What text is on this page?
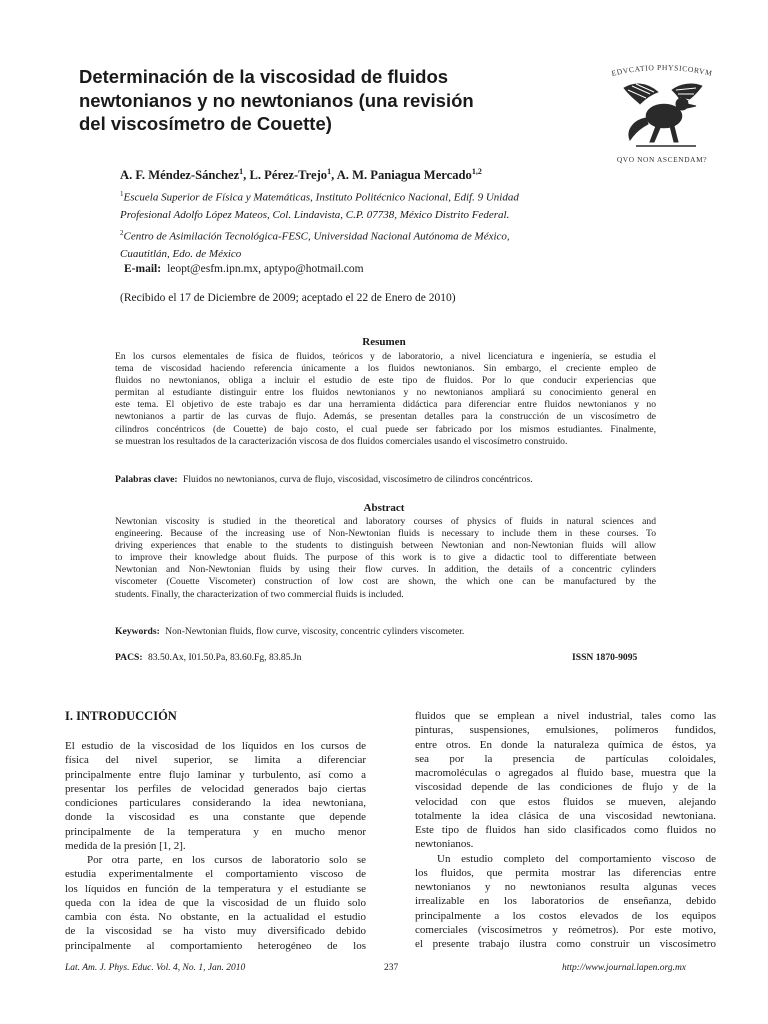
Determinación de la viscosidad de fluidos
newtonianos y no newtonianos (una revisión
del viscosímetro de Couette)
EDVCATIO PHYSICORVM
QVO NON ASCENDAM?
A. F. Méndez-Sánchez$^1$, L. Pérez-Trejo$^1$, A. M. Paniagua Mercado$^{1,2}$
$^1$Escuela Superior de Física y Matemáticas, Instituto Politécnico Nacional, Edif. 9 Unidad
Profesional Adolfo López Mateos, Col. Lindavista, C.P. 07738, México Distrito Federal.
$^2$Centro de Asimilación Tecnológica-FESC, Universidad Nacional Autónoma de México,
Cuautitlán, Edo. de México
E-mail: leopt@esfm.ipn.mx, aptypo@hotmail.com
(Recibido el 17 de Diciembre de 2009; aceptado el 22 de Enero de 2010)
Resumen
En los cursos elementales de física de fluidos, teóricos y de laboratorio, a nivel licenciatura e ingeniería, se estudia el
tema de viscosidad haciendo referencia únicamente a los fluidos newtonianos. Sin embargo, el creciente empleo de
fluidos no newtonianos, obliga a incluir el estudio de este tipo de fluidos. Por lo que conducir experiencias que
permitan al estudiante distinguir entre los fluidos newtonianos y no newtonianos ampliará su conocimiento general en
este tema. El objetivo de este trabajo es dar una herramienta didáctica para diferenciar entre fluidos newtonianos y no
newtonianos a partir de las curvas de flujo. Además, se presentan detalles para la construcción de un viscosímetro de
cilindros concéntricos (de Couette) de bajo costo, el cual puede ser fabricado por los mismos estudiantes. Finalmente,
se muestran los resultados de la caracterización viscosa de dos fluidos comerciales usando el viscosímetro construido.
Palabras clave: Fluidos no newtonianos, curva de flujo, viscosidad, viscosímetro de cilindros concéntricos.
Abstract
Newtonian viscosity is studied in the theoretical and laboratory courses of physics of fluids in natural sciences and
engineering. Because of the increasing use of Non-Newtonian fluids is necessary to include them in these courses. To
driving experiences that enable to the students to distinguish between Newtonian and non-Newtonian fluids will allow
to improve their knowledge about fluids. The purpose of this work is to give a didactic tool to differentiate between
Newtonian and Non-Newtonian fluids by using their flow curves. In addition, the details of a concentric cylinders
viscometer (Couette Viscometer) construction of low cost are shown, the which one can be manufactured by the
students. Finally, the characterization of two commercial fluids is included.
Keywords: Non-Newtonian fluids, flow curve, viscosity, concentric cylinders viscometer.
PACS: 83.50.Ax, I01.50.Pa, 83.60.Fg, 83.85.Jn	ISSN 1870-9095
I. INTRODUCCIÓN
El estudio de la viscosidad de los líquidos en los cursos de
física del nivel superior, se limita a diferenciar
principalmente entre flujo laminar y turbulento, así como a
presentar los perfiles de velocidad generados bajo ciertas
condiciones particulares considerando la idea newtoniana,
donde la viscosidad es una constante que depende
principalmente de la temperatura y en mucho menor
medida de la presión [1, 2].
Por otra parte, en los cursos de laboratorio solo se
estudia experimentalmente el comportamiento viscoso de
los líquidos en función de la temperatura y el estudiante se
queda con la idea de que la viscosidad de un fluido solo
cambia con ésta. No obstante, en la actualidad el estudio
de la viscosidad se ha visto muy diversificado debido
principalmente al comportamiento heterogéneo de los
fluidos que se emplean a nivel industrial, tales como las
pinturas, suspensiones, emulsiones, polímeros fundidos,
entre otros. En donde la naturaleza química de éstos, ya
sea por la presencia de partículas coloidales,
macromoléculas o agregados al fluido base, muestra que la
viscosidad depende de las condiciones de flujo y de la
velocidad con que estos fluidos se mueven, alejando
totalmente la idea clásica de una viscosidad newtoniana.
Este tipo de fluidos han sido clasificados como fluidos no
newtonianos.
Un estudio completo del comportamiento viscoso de
los fluidos, que permita mostrar las diferencias entre
newtonianos y no newtonianos resulta algunas veces
irrealizable en los laboratorios de enseñanza, debido
principalmente a los costos elevados de los equipos
comerciales (viscosímetros y reómetros). Por este motivo,
el presente trabajo ilustra como construir un viscosímetro
Lat. Am. J. Phys. Educ. Vol. 4, No. 1, Jan. 2010	237	http://www.journal.lapen.org.mx
